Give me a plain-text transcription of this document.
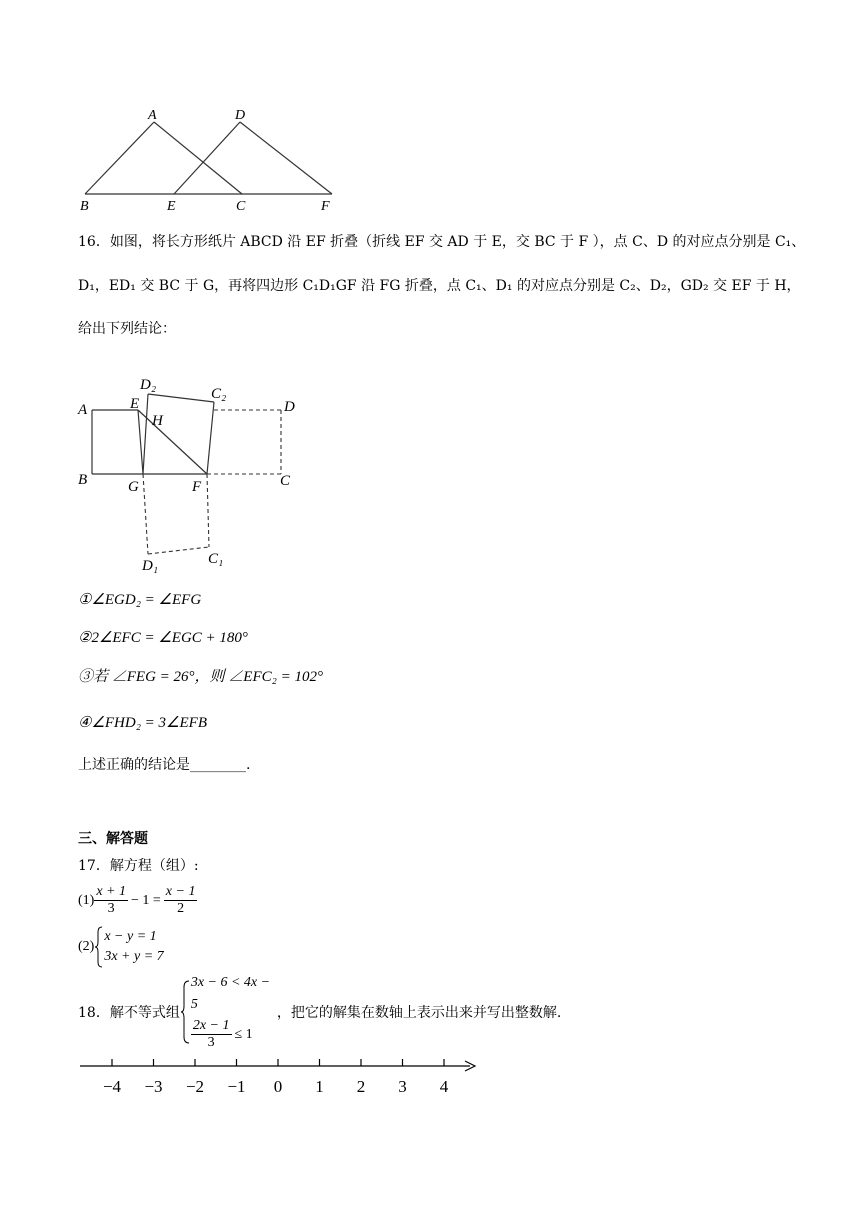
A	D
B	E	C	F
16．如图，将长方形纸片 ABCD 沿 EF 折叠（折线 EF 交 AD 于 E，交 BC 于 F ），点 C、D 的对应点分别是 C₁、
D₁，ED₁ 交 BC 于 G，再将四边形 C₁D₁GF 沿 FG 折叠，点 C₁、D₁ 的对应点分别是 C₂、D₂，GD₂ 交 EF 于 H，
给出下列结论：
A	E
D₂
C₂
D
H
B	G	F	C
D₁	C₁
①∠EGD₂ = ∠EFG
②2∠EFC = ∠EGC + 180°
③若 ∠FEG = 26°，则 ∠EFC₂ = 102°
④∠FHD₂ = 3∠EFB
上述正确的结论是________.
三、解答题
17．解方程（组）:
$(1) \frac{x + 1}{3} - 1 = \frac{x - 1}{2}$
(2)
x − y = 1
3x + y = 7
18．解不等式组
3x − 6 < 4x − 5
$\frac{2x - 1}{3} \le 1$
，把它的解集在数轴上表示出来并写出整数解.
−4 −3 −2 −1 0 1 2 3 4
